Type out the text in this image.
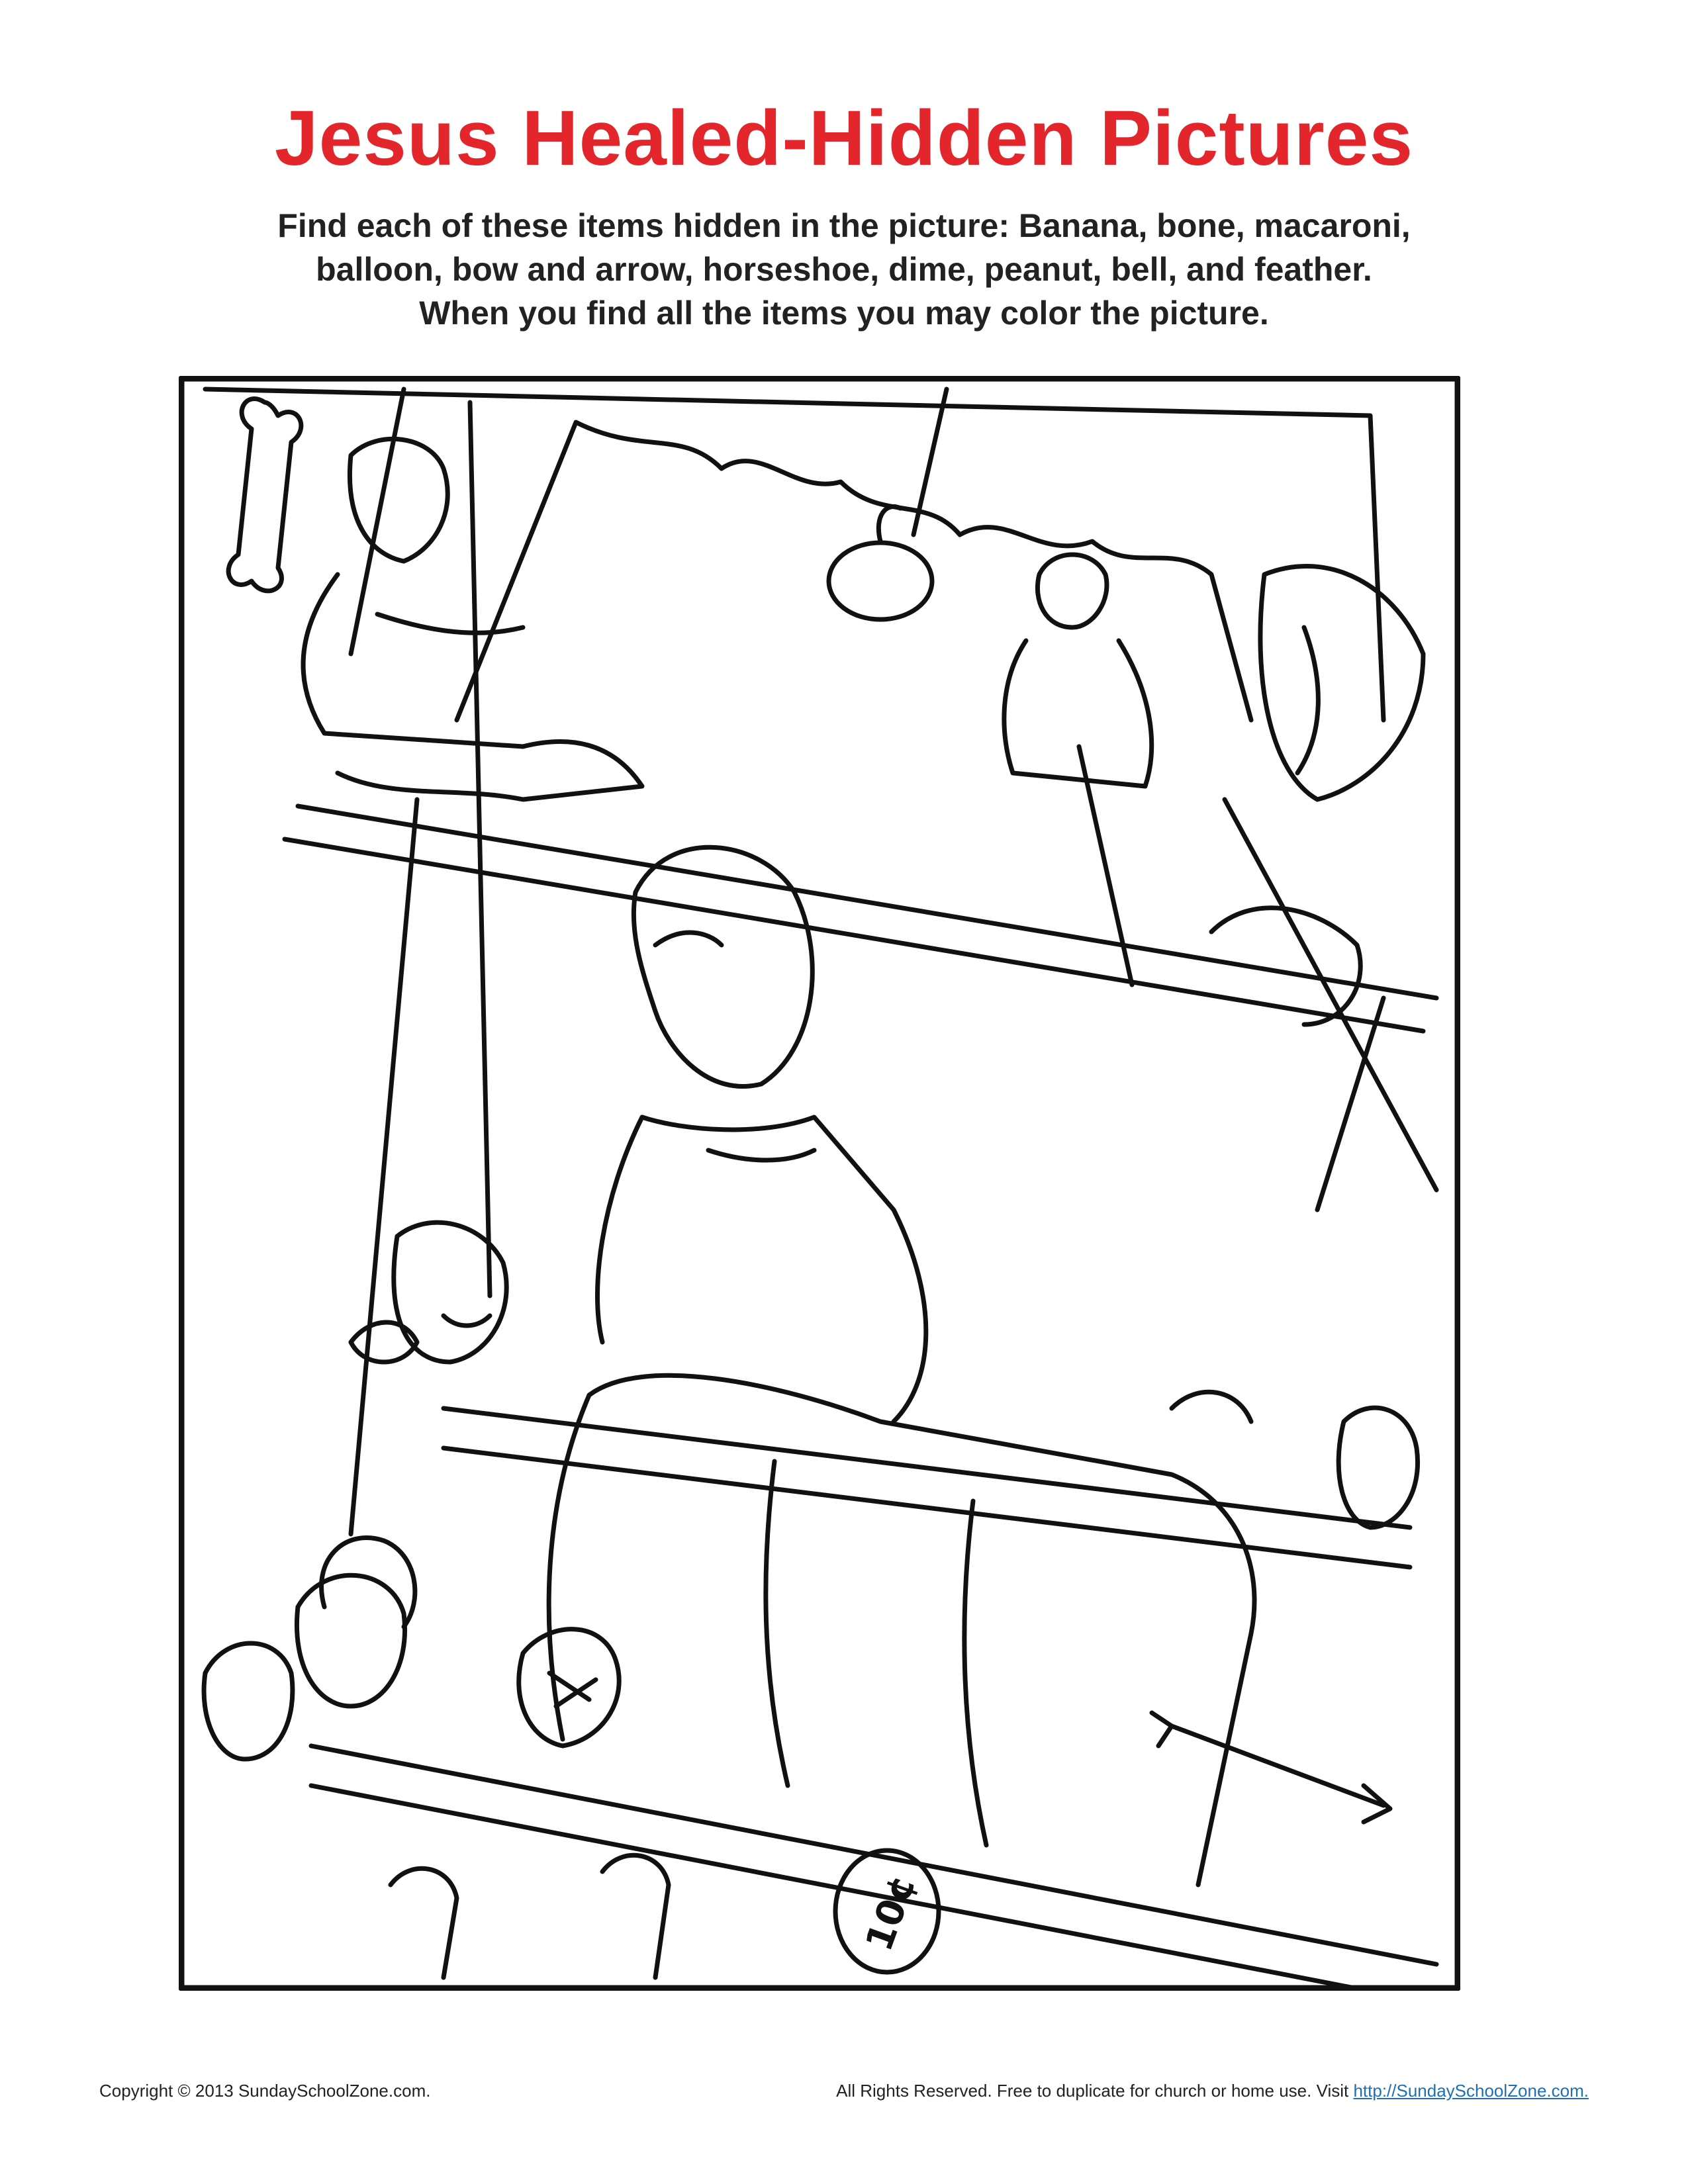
Jesus Healed-Hidden Pictures
Find each of these items hidden in the picture: Banana, bone, macaroni,
balloon, bow and arrow, horseshoe, dime, peanut, bell, and feather.
When you find all the items you may color the picture.
10¢
Copyright © 2013 SundaySchoolZone.com.	All Rights Reserved. Free to duplicate for church or home use. Visit http://SundaySchoolZone.com.
